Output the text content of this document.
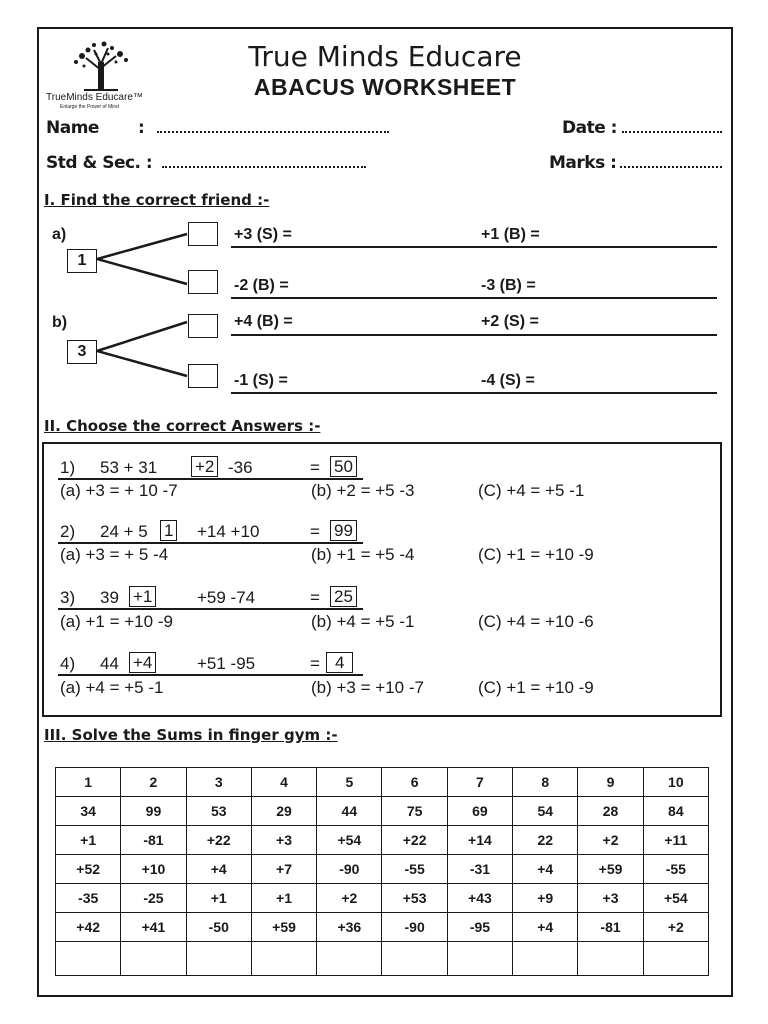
TrueMinds Educare™
Enlarge the Power of Mind
True Minds Educare
ABACUS WORKSHEET
Name :	Date :
Std & Sec. :	Marks :
I. Find the correct friend :-
a)
1
+3 (S) =	+1 (B) =
-2 (B) =	-3 (B) =
b)
3
+4 (B) =	+2 (S) =
-1 (S) =	-4 (S) =
II. Choose the correct Answers :-
1) 53 + 31 +2 -36	= 50
(a) +3 = + 10 -7	(b) +2 = +5 -3	(C) +4 = +5 -1
2) 24 + 5 1 +14 +10	= 99
(a) +3 = + 5 -4	(b) +1 = +5 -4	(C) +1 = +10 -9
3) 39 +1	+59 -74	= 25
(a) +1 = +10 -9	(b) +4 = +5 -1	(C) +4 = +10 -6
4) 44 +4	+51 -95	= 4
(a) +4 = +5 -1	(b) +3 = +10 -7	(C) +1 = +10 -9
III. Solve the Sums in finger gym :-
1	2	3	4	5	6	7	8	9	10
34	99	53	29	44	75	69	54	28	84
+1	-81	+22	+3	+54	+22	+14	22	+2	+11
+52	+10	+4	+7	-90	-55	-31	+4	+59	-55
-35	-25	+1	+1	+2	+53	+43	+9	+3	+54
+42	+41	-50	+59	+36	-90	-95	+4	-81	+2
